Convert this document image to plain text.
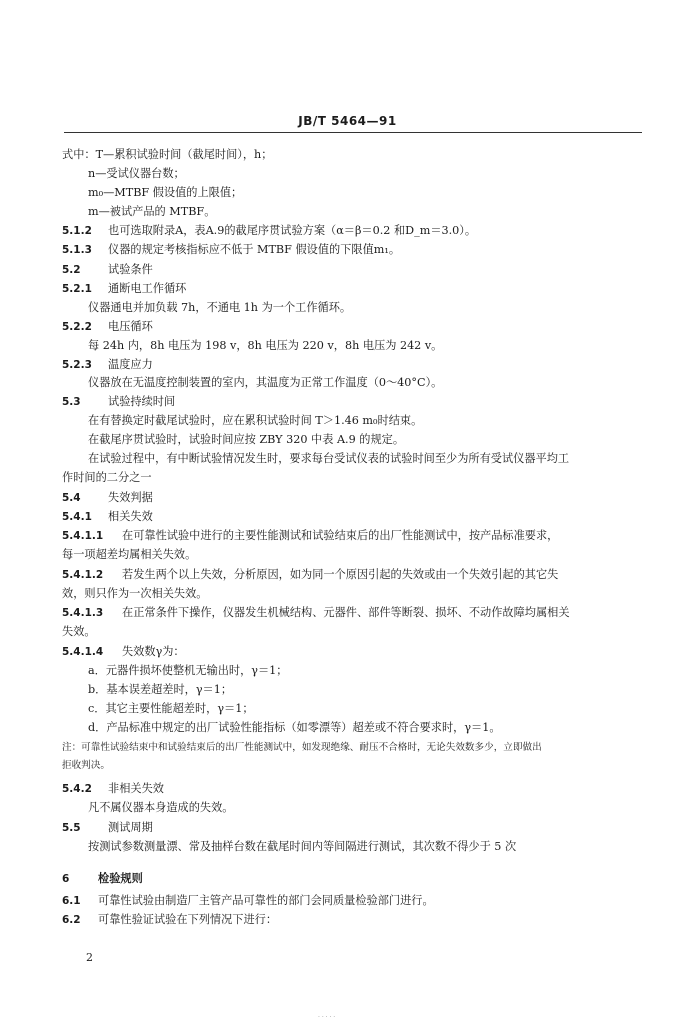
JB/T 5464—91
式中：T—累积试验时间（截尾时间），h；
n—受试仪器台数；
m₀—MTBF 假设值的上限值；
m—被试产品的 MTBF。
5.1.2 也可选取附录A，表A.9的截尾序贯试验方案（α＝β＝0.2 和D_m＝3.0）。
5.1.3 仪器的规定考核指标应不低于 MTBF 假设值的下限值m₁。
5.2 试验条件
5.2.1 通断电工作循环
仪器通电并加负载 7h，不通电 1h 为一个工作循环。
5.2.2 电压循环
每 24h 内，8h 电压为 198 v，8h 电压为 220 v，8h 电压为 242 v。
5.2.3 温度应力
仪器放在无温度控制装置的室内，其温度为正常工作温度（0～40°C）。
5.3 试验持续时间
在有替换定时截尾试验时，应在累积试验时间 T＞1.46 m₀时结束。
在截尾序贯试验时，试验时间应按 ZBY 320 中表 A.9 的规定。
在试验过程中，有中断试验情况发生时，要求每台受试仪表的试验时间至少为所有受试仪器平均工
作时间的二分之一
5.4 失效判据
5.4.1 相关失效
5.4.1.1 在可靠性试验中进行的主要性能测试和试验结束后的出厂性能测试中，按产品标准要求，
每一项超差均属相关失效。
5.4.1.2 若发生两个以上失效，分析原因，如为同一个原因引起的失效或由一个失效引起的其它失
效，则只作为一次相关失效。
5.4.1.3 在正常条件下操作，仪器发生机械结构、元器件、部件等断裂、损坏、不动作故障均属相关
失效。
5.4.1.4 失效数γ为：
a．元器件损坏使整机无输出时，γ＝1；
b．基本误差超差时，γ＝1；
c．其它主要性能超差时，γ＝1；
d．产品标准中规定的出厂试验性能指标（如零漂等）超差或不符合要求时，γ＝1。
注：可靠性试验结束中和试验结束后的出厂性能测试中，如发现绝缘、耐压不合格时，无论失效数多少，立即做出
拒收判决。
5.4.2 非相关失效
凡不属仪器本身造成的失效。
5.5 测试周期
按测试参数测量漂、常及抽样台数在截尾时间内等间隔进行测试，其次数不得少于 5 次
6	检验规则
6.1 可靠性试验由制造厂主管产品可靠性的部门会同质量检验部门进行。
6.2 可靠性验证试验在下列情况下进行：
2
· · · · ·
